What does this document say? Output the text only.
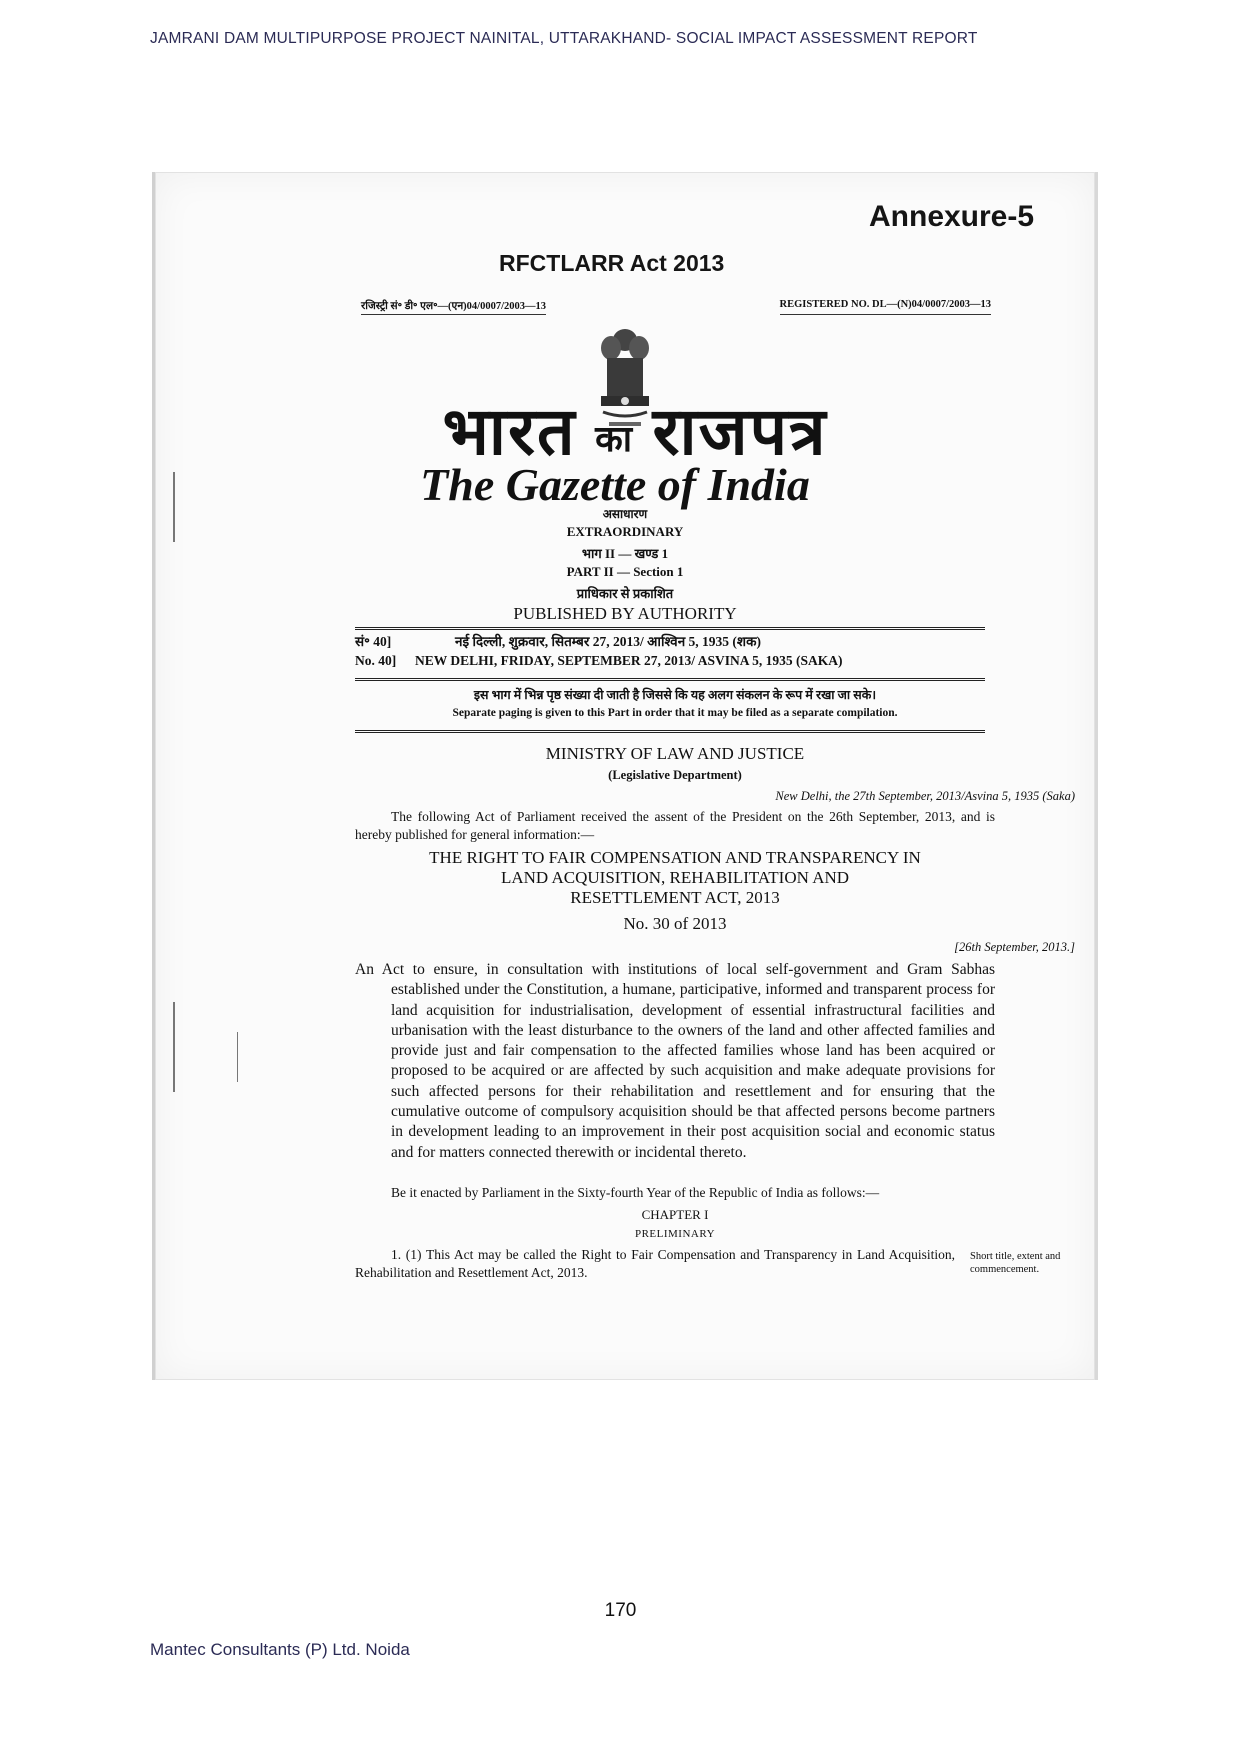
JAMRANI DAM MULTIPURPOSE PROJECT NAINITAL, UTTARAKHAND- SOCIAL IMPACT ASSESSMENT REPORT
Annexure-5
RFCTLARR Act 2013
रजिस्ट्री सं॰ डी॰ एल॰—(एन)04/0007/2003—13	REGISTERED NO. DL—(N)04/0007/2003—13
भारत का राजपत्र
The Gazette of India
असाधारण
EXTRAORDINARY
भाग II — खण्ड 1
PART II — Section 1
प्राधिकार से प्रकाशित
PUBLISHED BY AUTHORITY
सं॰ 40]	नई दिल्ली, शुक्रवार, सितम्बर 27, 2013/ आश्विन 5, 1935 (शक)
No. 40]	NEW DELHI, FRIDAY, SEPTEMBER 27, 2013/ ASVINA 5, 1935 (SAKA)
इस भाग में भिन्न पृष्ठ संख्या दी जाती है जिससे कि यह अलग संकलन के रूप में रखा जा सके।
Separate paging is given to this Part in order that it may be filed as a separate compilation.
MINISTRY OF LAW AND JUSTICE
(Legislative Department)
New Delhi, the 27th September, 2013/Asvina 5, 1935 (Saka)
The following Act of Parliament received the assent of the President on the 26th September, 2013, and is hereby published for general information:—
THE RIGHT TO FAIR COMPENSATION AND TRANSPARENCY IN
LAND ACQUISITION, REHABILITATION AND
RESETTLEMENT ACT, 2013
No. 30 of 2013
[26th September, 2013.]

An Act to ensure, in consultation with institutions of local self-government and Gram Sabhas established under the Constitution, a humane, participative, informed and transparent process for land acquisition for industrialisation, development of essential infrastructural facilities and urbanisation with the least disturbance to the owners of the land and other affected families and provide just and fair compensation to the affected families whose land has been acquired or proposed to be acquired or are affected by such acquisition and make adequate provisions for such affected persons for their rehabilitation and resettlement and for ensuring that the cumulative outcome of compulsory acquisition should be that affected persons become partners in development leading to an improvement in their post acquisition social and economic status and for matters connected therewith or incidental thereto.

Be it enacted by Parliament in the Sixty-fourth Year of the Republic of India as follows:—
CHAPTER I
PRELIMINARY
1. (1) This Act may be called the Right to Fair Compensation and Transparency in Land Acquisition, Rehabilitation and Resettlement Act, 2013.
Short title, extent and commencement.
170
Mantec Consultants (P) Ltd. Noida
